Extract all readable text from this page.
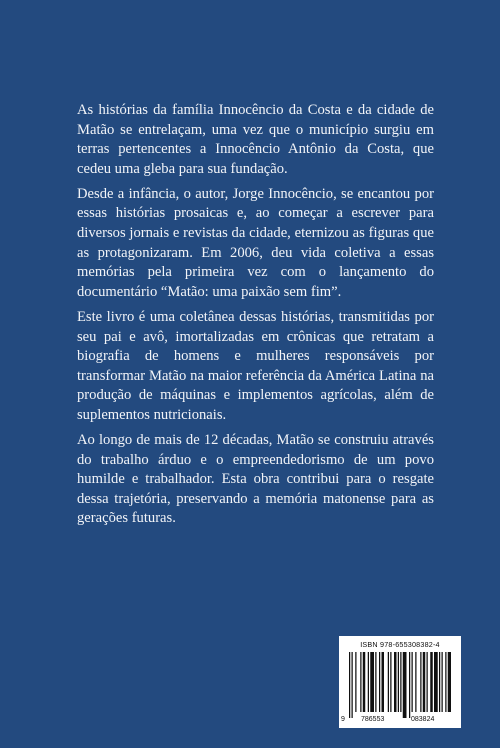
As histórias da família Innocêncio da Costa e da cidade de Matão se entrelaçam, uma vez que o município surgiu em terras pertencentes a Innocêncio Antônio da Costa, que cedeu uma gleba para sua fundação.

Desde a infância, o autor, Jorge Innocêncio, se encantou por essas histórias prosaicas e, ao começar a escrever para diversos jornais e revistas da cidade, eternizou as figuras que as protagonizaram. Em 2006, deu vida coletiva a essas memórias pela primeira vez com o lançamento do documentário “Matão: uma paixão sem fim”.

Este livro é uma coletânea dessas histórias, transmitidas por seu pai e avô, imortalizadas em crônicas que retratam a biografia de homens e mulheres responsáveis por transformar Matão na maior referência da América Latina na produção de máquinas e implementos agrícolas, além de suplementos nutricionais.

Ao longo de mais de 12 décadas, Matão se construiu através do trabalho árduo e o empreendedorismo de um povo humilde e trabalhador. Esta obra contribui para o resgate dessa trajetória, preservando a memória matonense para as gerações futuras.

ISBN 978-655308382-4
9 786553	083824
